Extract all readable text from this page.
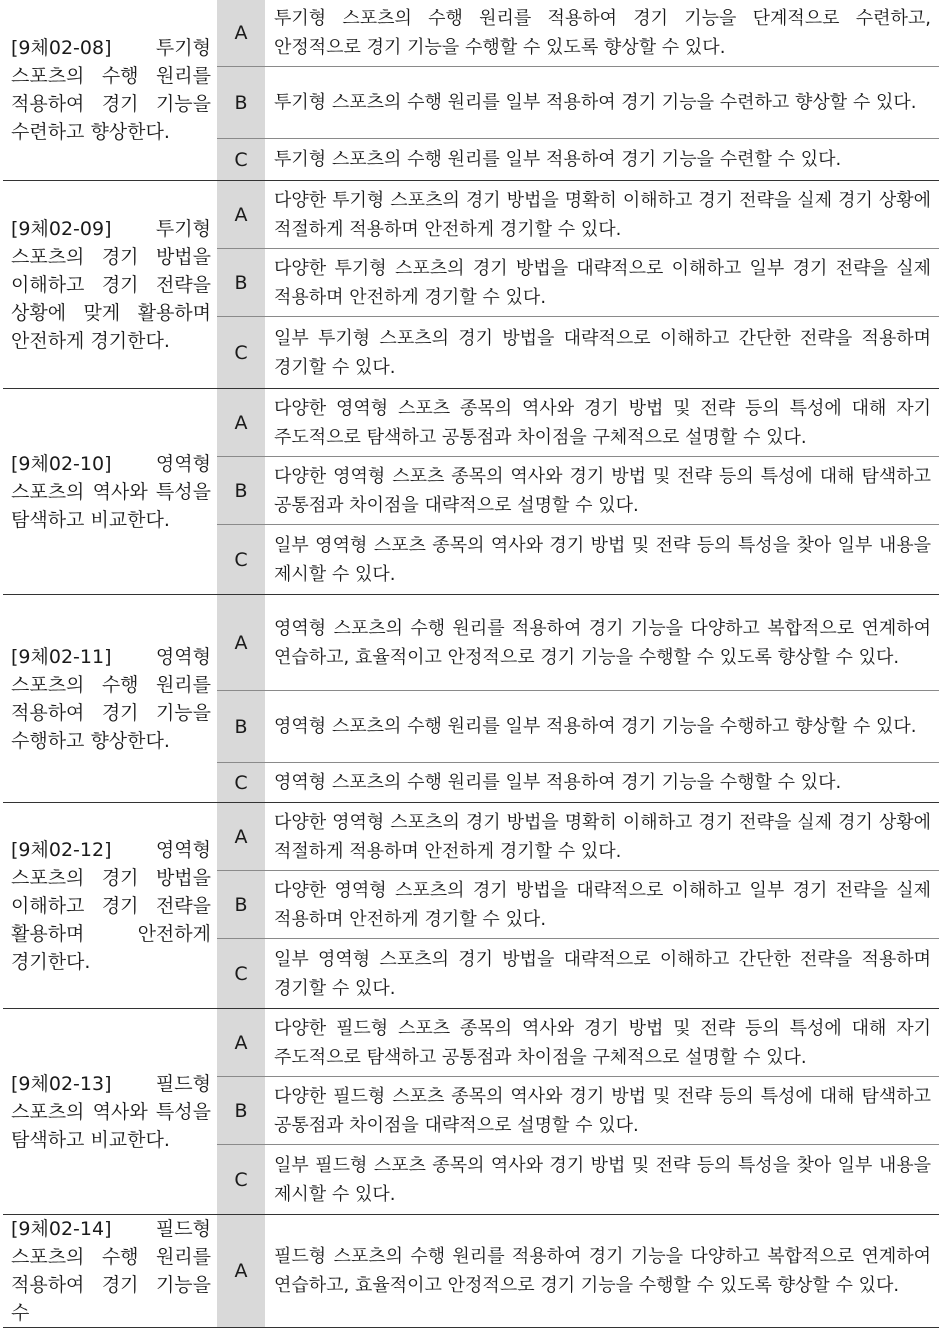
[9체02-08] 투기형 스포츠의 수행 원리를 적용하여 경기 기능을 수련하고 향상한다.	A	투기형 스포츠의 수행 원리를 적용하여 경기 기능을 단계적으로 수련하고, 안정적으로 경기 기능을 수행할 수 있도록 향상할 수 있다.
	B	투기형 스포츠의 수행 원리를 일부 적용하여 경기 기능을 수련하고 향상할 수 있다.
	C	투기형 스포츠의 수행 원리를 일부 적용하여 경기 기능을 수련할 수 있다.
[9체02-09] 투기형 스포츠의 경기 방법을 이해하고 경기 전략을 상황에 맞게 활용하며 안전하게 경기한다.	A	다양한 투기형 스포츠의 경기 방법을 명확히 이해하고 경기 전략을 실제 경기 상황에 적절하게 적용하며 안전하게 경기할 수 있다.
	B	다양한 투기형 스포츠의 경기 방법을 대략적으로 이해하고 일부 경기 전략을 실제 적용하며 안전하게 경기할 수 있다.
	C	일부 투기형 스포츠의 경기 방법을 대략적으로 이해하고 간단한 전략을 적용하며 경기할 수 있다.
[9체02-10] 영역형 스포츠의 역사와 특성을 탐색하고 비교한다.	A	다양한 영역형 스포츠 종목의 역사와 경기 방법 및 전략 등의 특성에 대해 자기 주도적으로 탐색하고 공통점과 차이점을 구체적으로 설명할 수 있다.
	B	다양한 영역형 스포츠 종목의 역사와 경기 방법 및 전략 등의 특성에 대해 탐색하고 공통점과 차이점을 대략적으로 설명할 수 있다.
	C	일부 영역형 스포츠 종목의 역사와 경기 방법 및 전략 등의 특성을 찾아 일부 내용을 제시할 수 있다.
[9체02-11] 영역형 스포츠의 수행 원리를 적용하여 경기 기능을 수행하고 향상한다.	A	영역형 스포츠의 수행 원리를 적용하여 경기 기능을 다양하고 복합적으로 연계하여 연습하고, 효율적이고 안정적으로 경기 기능을 수행할 수 있도록 향상할 수 있다.
	B	영역형 스포츠의 수행 원리를 일부 적용하여 경기 기능을 수행하고 향상할 수 있다.
	C	영역형 스포츠의 수행 원리를 일부 적용하여 경기 기능을 수행할 수 있다.
[9체02-12] 영역형 스포츠의 경기 방법을 이해하고 경기 전략을 활용하며 안전하게 경기한다.	A	다양한 영역형 스포츠의 경기 방법을 명확히 이해하고 경기 전략을 실제 경기 상황에 적절하게 적용하며 안전하게 경기할 수 있다.
	B	다양한 영역형 스포츠의 경기 방법을 대략적으로 이해하고 일부 경기 전략을 실제 적용하며 안전하게 경기할 수 있다.
	C	일부 영역형 스포츠의 경기 방법을 대략적으로 이해하고 간단한 전략을 적용하며 경기할 수 있다.
[9체02-13] 필드형 스포츠의 역사와 특성을 탐색하고 비교한다.	A	다양한 필드형 스포츠 종목의 역사와 경기 방법 및 전략 등의 특성에 대해 자기 주도적으로 탐색하고 공통점과 차이점을 구체적으로 설명할 수 있다.
	B	다양한 필드형 스포츠 종목의 역사와 경기 방법 및 전략 등의 특성에 대해 탐색하고 공통점과 차이점을 대략적으로 설명할 수 있다.
	C	일부 필드형 스포츠 종목의 역사와 경기 방법 및 전략 등의 특성을 찾아 일부 내용을 제시할 수 있다.
[9체02-14] 필드형 스포츠의 수행 원리를 적용하여 경기 기능을 수	A	필드형 스포츠의 수행 원리를 적용하여 경기 기능을 다양하고 복합적으로 연계하여 연습하고, 효율적이고 안정적으로 경기 기능을 수행할 수 있도록 향상할 수 있다.
